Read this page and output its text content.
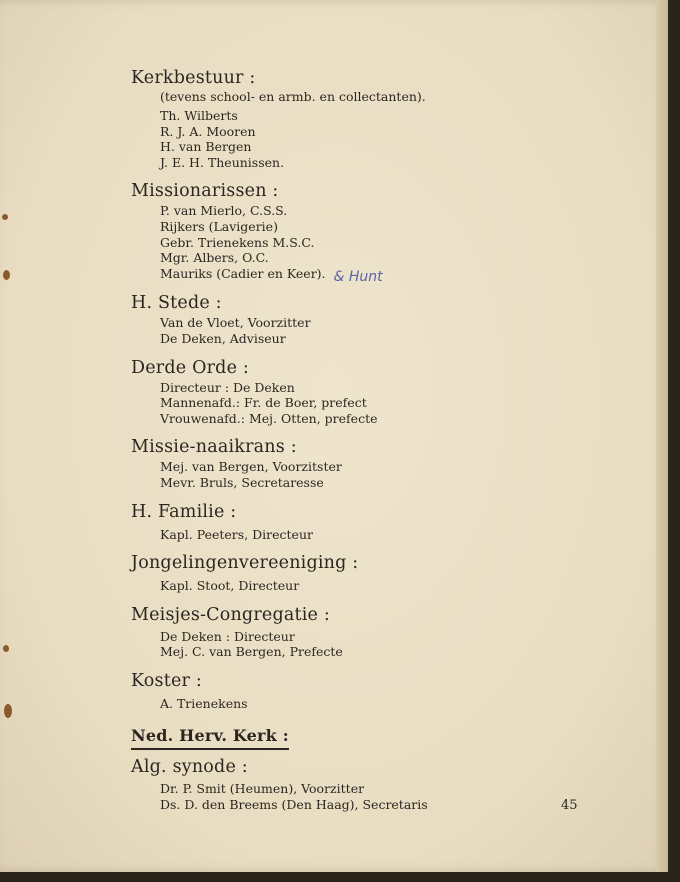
Kerkbestuur :
(tevens school- en armb. en collectanten).
Th. Wilberts
R. J. A. Mooren
H. van Bergen
J. E. H. Theunissen.
Missionarissen :
P. van Mierlo, C.S.S.
Rijkers (Lavigerie)
Gebr. Trienekens M.S.C.
Mgr. Albers, O.C.
Mauriks (Cadier en Keer). & Hunt
H. Stede :
Van de Vloet, Voorzitter
De Deken, Adviseur
Derde Orde :
Directeur : De Deken
Mannenafd.: Fr. de Boer, prefect
Vrouwenafd.: Mej. Otten, prefecte
Missie-naaikrans :
Mej. van Bergen, Voorzitster
Mevr. Bruls, Secretaresse
H. Familie :
Kapl. Peeters, Directeur
Jongelingenvereeniging :
Kapl. Stoot, Directeur
Meisjes-Congregatie :
De Deken : Directeur
Mej. C. van Bergen, Prefecte
Koster :
A. Trienekens
Ned. Herv. Kerk :
Alg. synode :
Dr. P. Smit (Heumen), Voorzitter
Ds. D. den Breems (Den Haag), Secretaris	45
